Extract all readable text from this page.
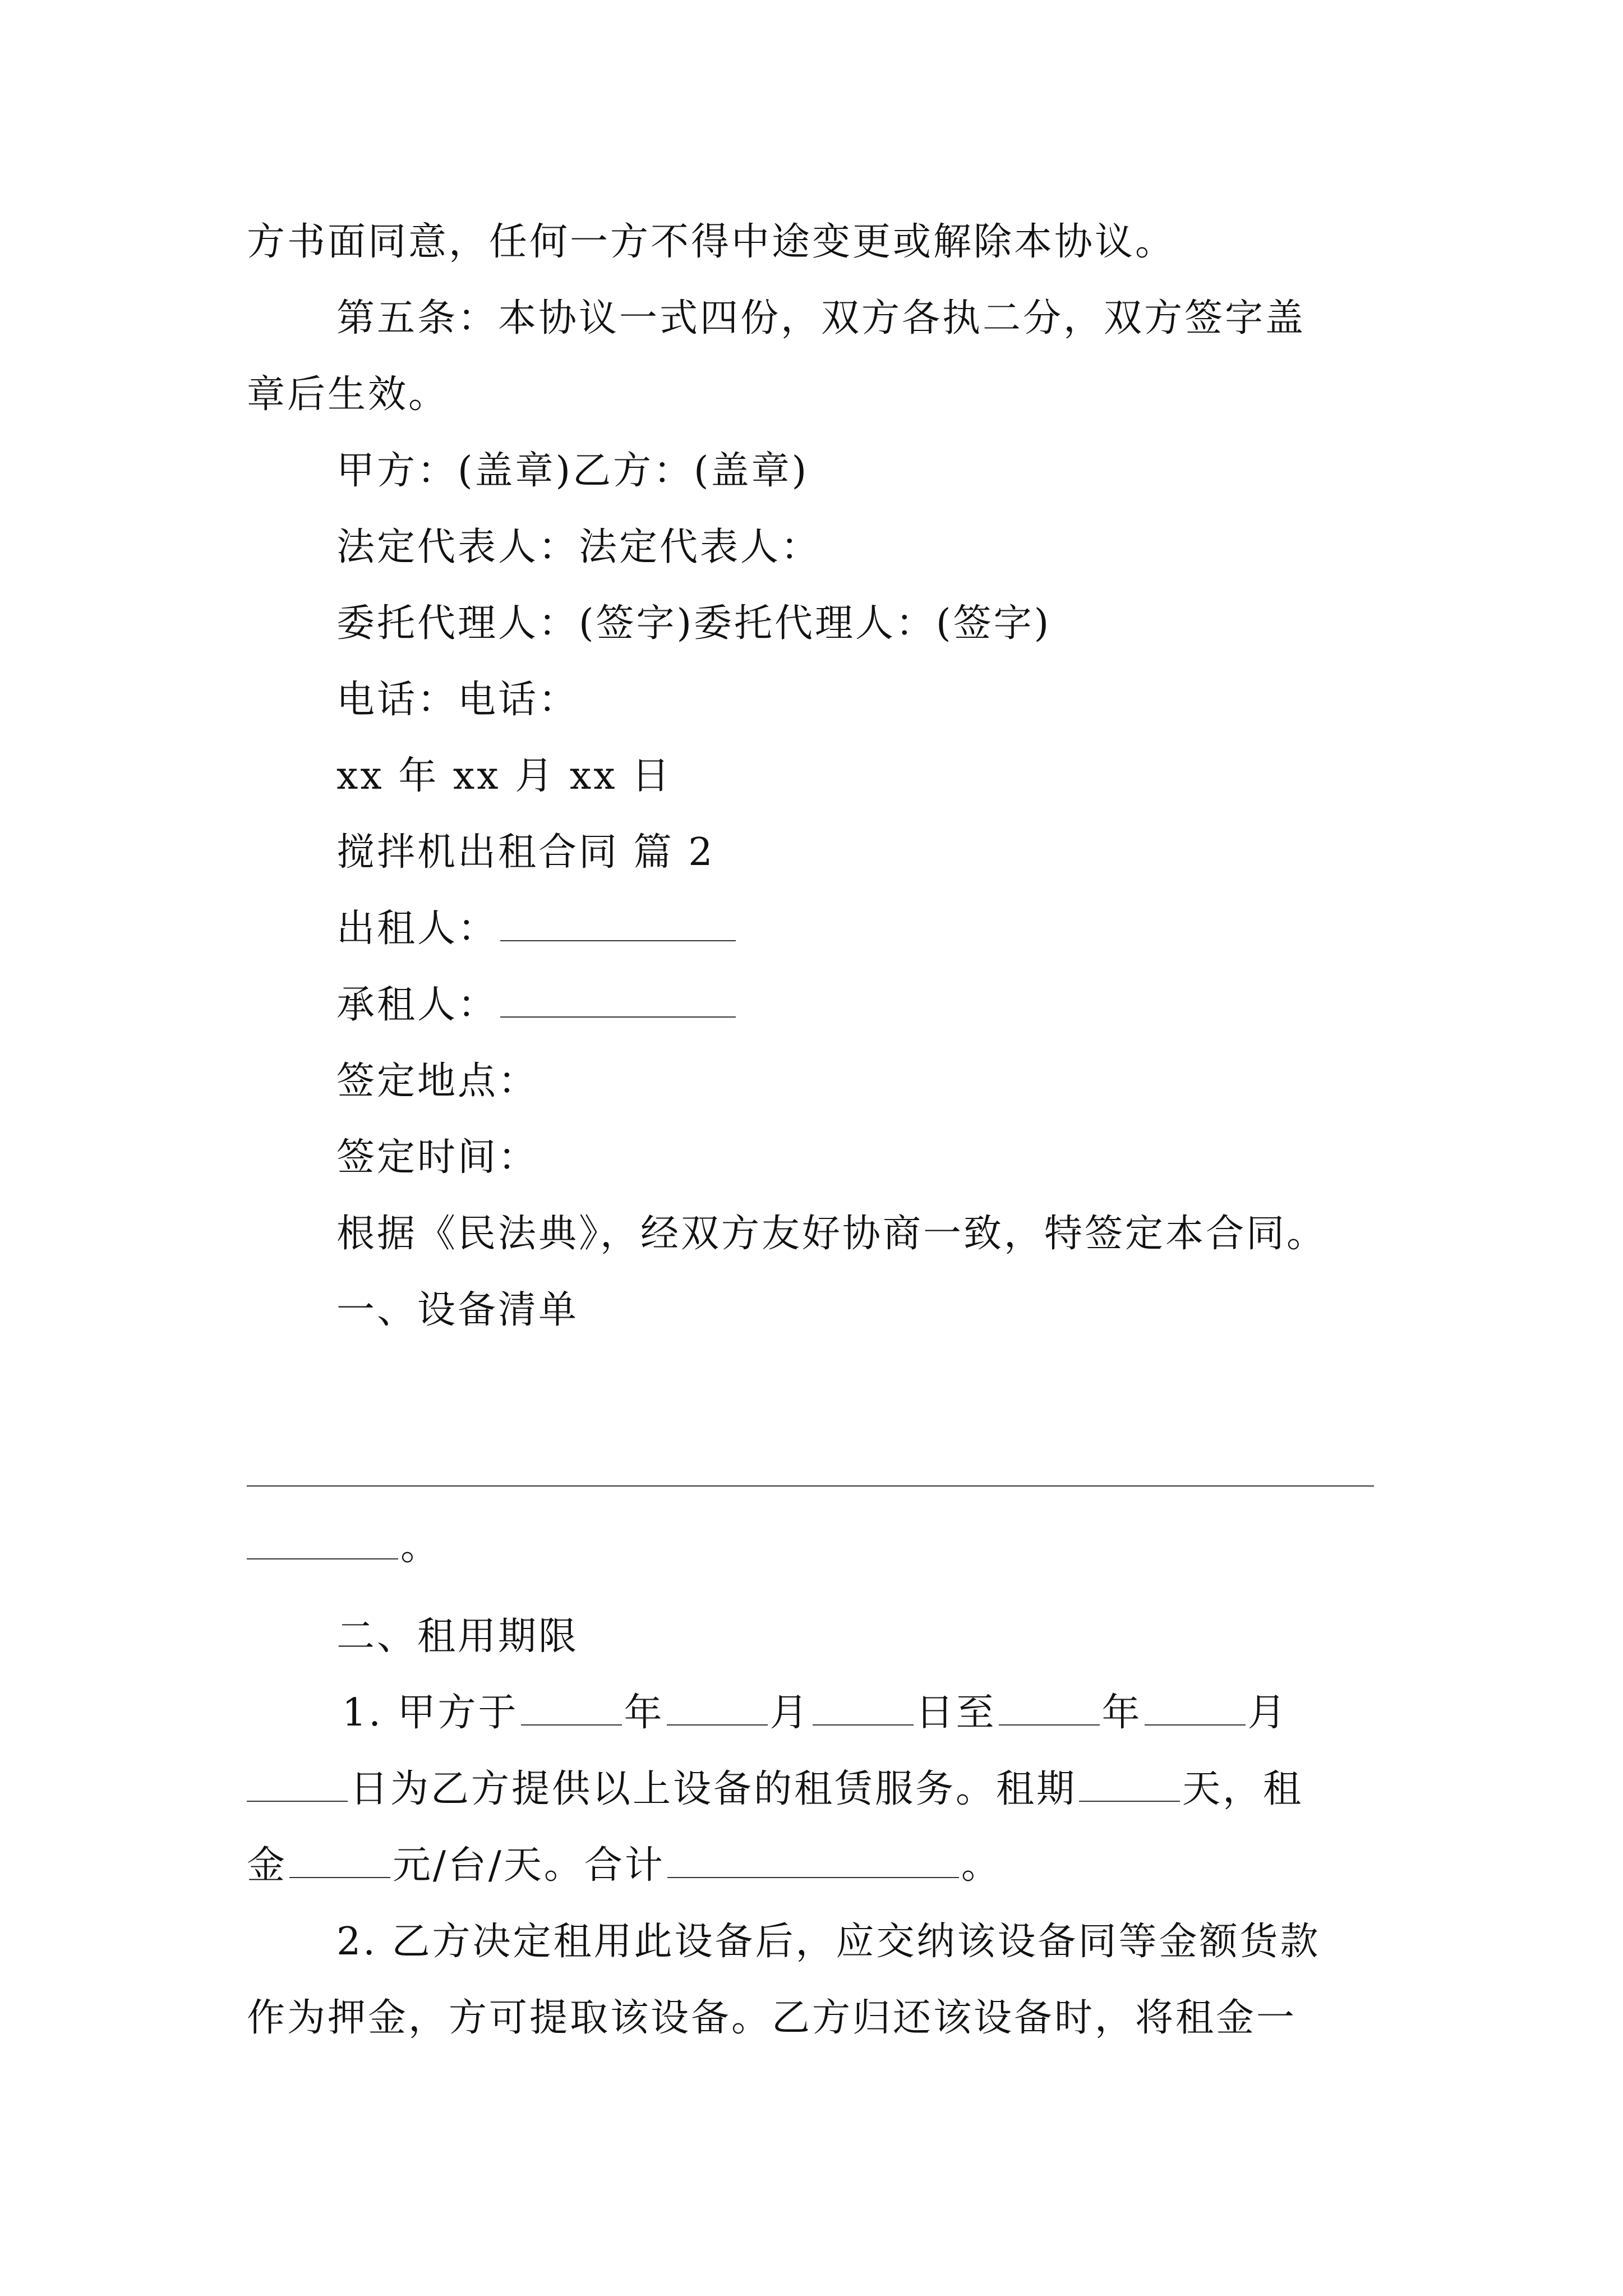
方书面同意，任何一方不得中途变更或解除本协议。
第五条：本协议一式四份，双方各执二分，双方签字盖
章后生效。
甲方：(盖章)乙方：(盖章)
法定代表人：法定代表人：
委托代理人：(签字)委托代理人：(签字)
电话：电话：
xx 年 xx 月 xx 日
搅拌机出租合同 篇 2
出租人：
承租人：
签定地点：
签定时间：
根据《民法典》，经双方友好协商一致，特签定本合同。
一、设备清单
。
二、租用期限
1. 甲方于	年	月	日至	年	月
日为乙方提供以上设备的租赁服务。租期	天，租
金	元/台/天。合计	。
2. 乙方决定租用此设备后，应交纳该设备同等金额货款
作为押金，方可提取该设备。乙方归还该设备时，将租金一
